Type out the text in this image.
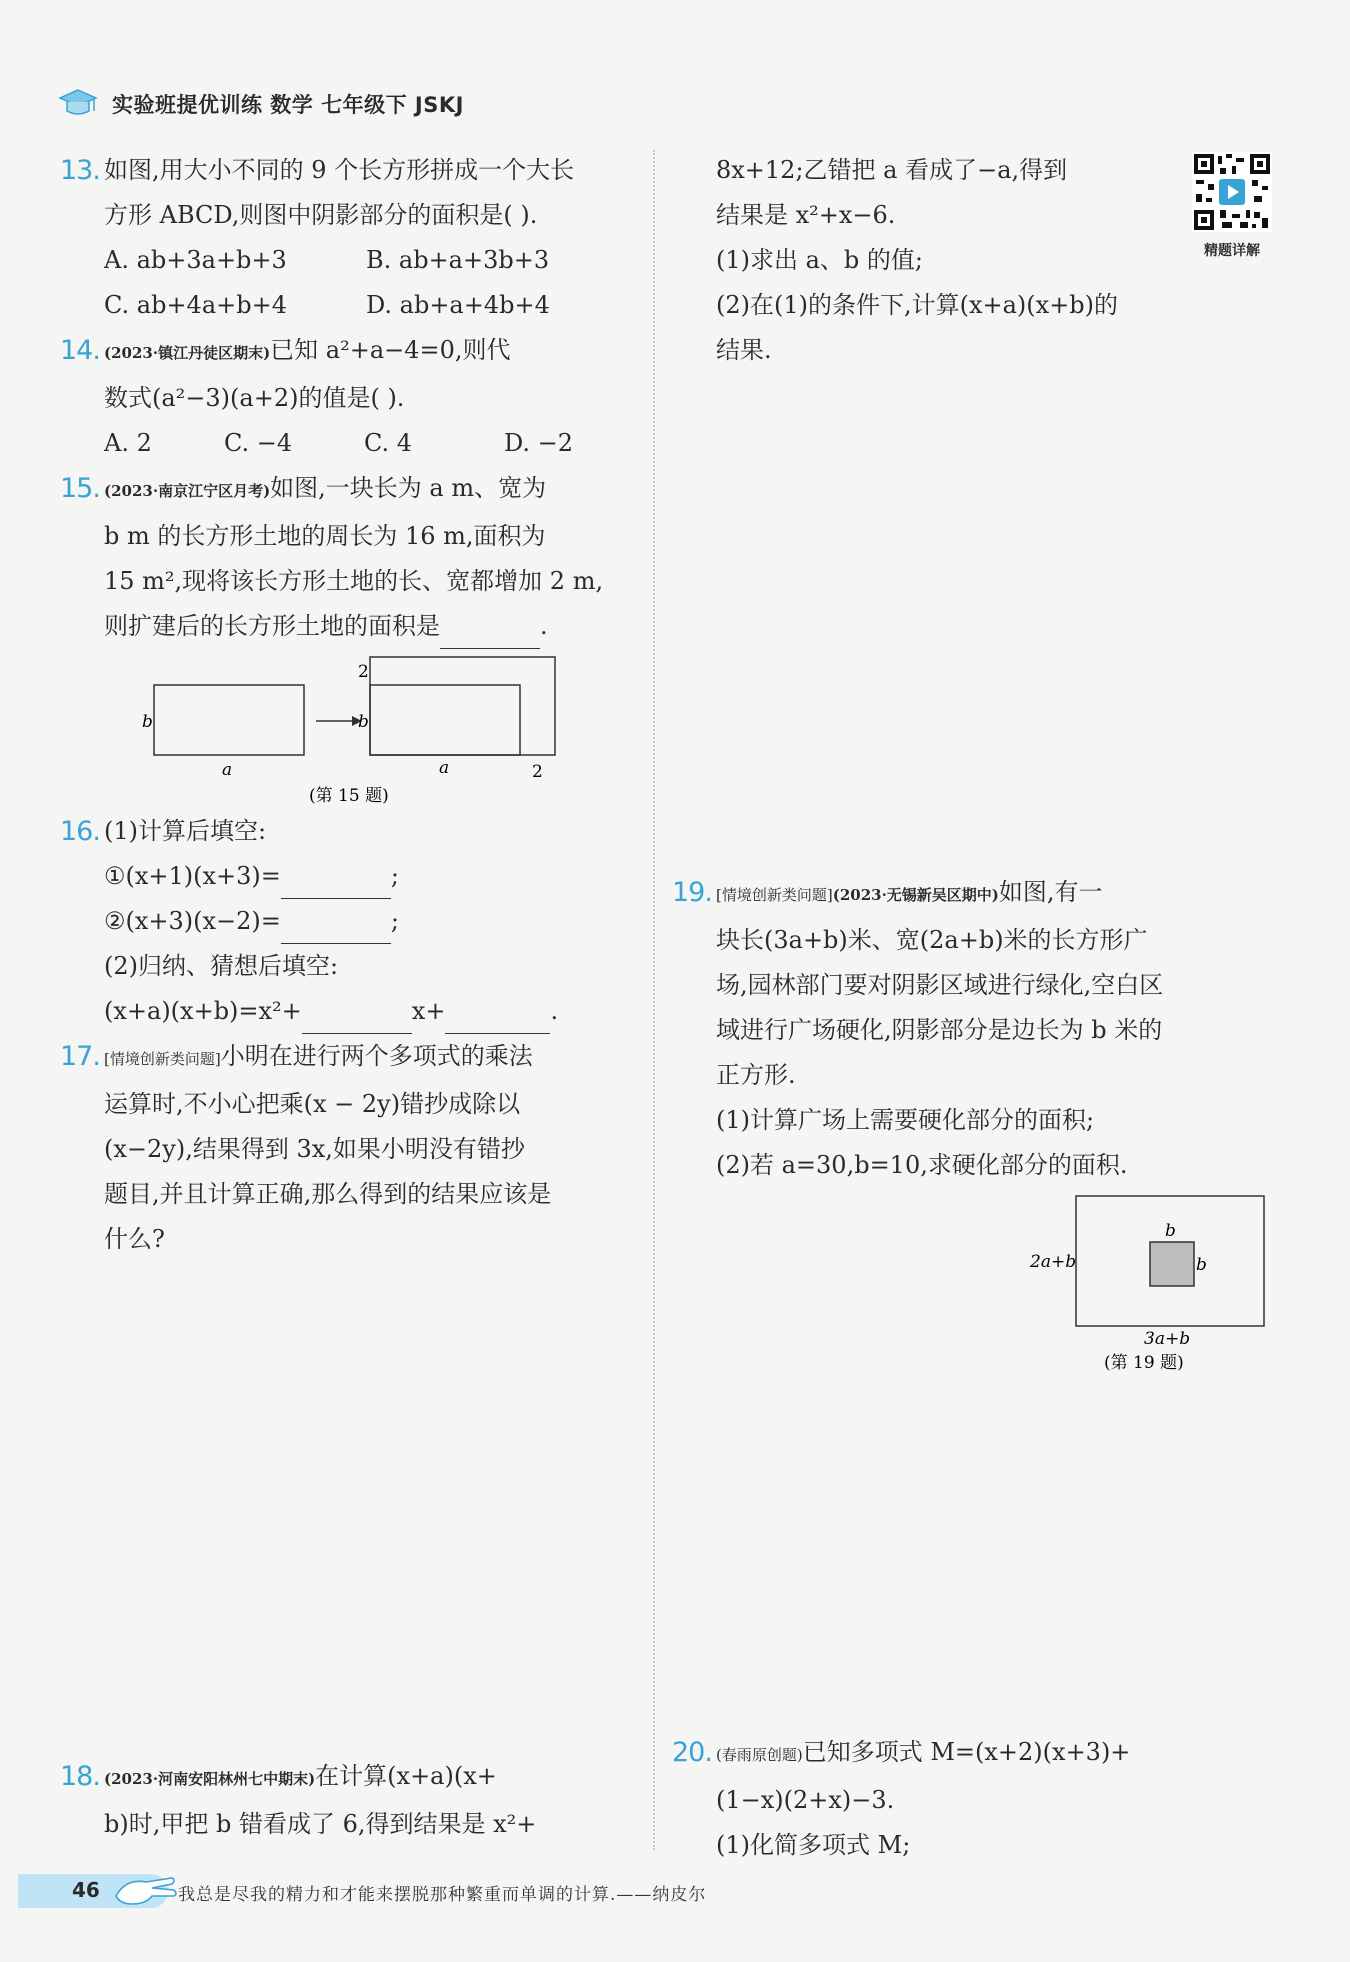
实验班提优训练 数学 七年级下 JSKJ
13. 如图,用大小不同的 9 个长方形拼成一个大长
方形 ABCD,则图中阴影部分的面积是( ).
A. ab+3a+b+3	B. ab+a+3b+3
C. ab+4a+b+4	D. ab+a+4b+4
14. (2023·镇江丹徒区期末)已知 a²+a−4=0,则代
数式(a²−3)(a+2)的值是( ).
A. 2	C. −4	C. 4	D. −2
15. (2023·南京江宁区月考)如图,一块长为 a m、宽为
b m 的长方形土地的周长为 16 m,面积为
15 m²,现将该长方形土地的长、宽都增加 2 m,
则扩建后的长方形土地的面积是	.
b
a
2
b
a	2
(第 15 题)
16. (1)计算后填空:
①(x+1)(x+3)=	;
②(x+3)(x−2)=	;
(2)归纳、猜想后填空:
(x+a)(x+b)=x²+	x+	.
17. [情境创新类问题]小明在进行两个多项式的乘法
运算时,不小心把乘(x − 2y)错抄成除以
(x−2y),结果得到 3x,如果小明没有错抄
题目,并且计算正确,那么得到的结果应该是
什么?
18. (2023·河南安阳林州七中期末)在计算(x+a)(x+
b)时,甲把 b 错看成了 6,得到结果是 x²+
8x+12;乙错把 a 看成了−a,得到
结果是 x²+x−6.
(1)求出 a、b 的值;
(2)在(1)的条件下,计算(x+a)(x+b)的
结果.
19. [情境创新类问题](2023·无锡新吴区期中)如图,有一
块长(3a+b)米、宽(2a+b)米的长方形广
场,园林部门要对阴影区域进行绿化,空白区
域进行广场硬化,阴影部分是边长为 b 米的
正方形.
(1)计算广场上需要硬化部分的面积;
(2)若 a=30,b=10,求硬化部分的面积.
b
b
2a+b
3a+b
(第 19 题)
20. (春雨原创题)已知多项式 M=(x+2)(x+3)+
(1−x)(2+x)−3.
(1)化简多项式 M;
精题详解
46	我总是尽我的精力和才能来摆脱那种繁重而单调的计算.——纳皮尔
